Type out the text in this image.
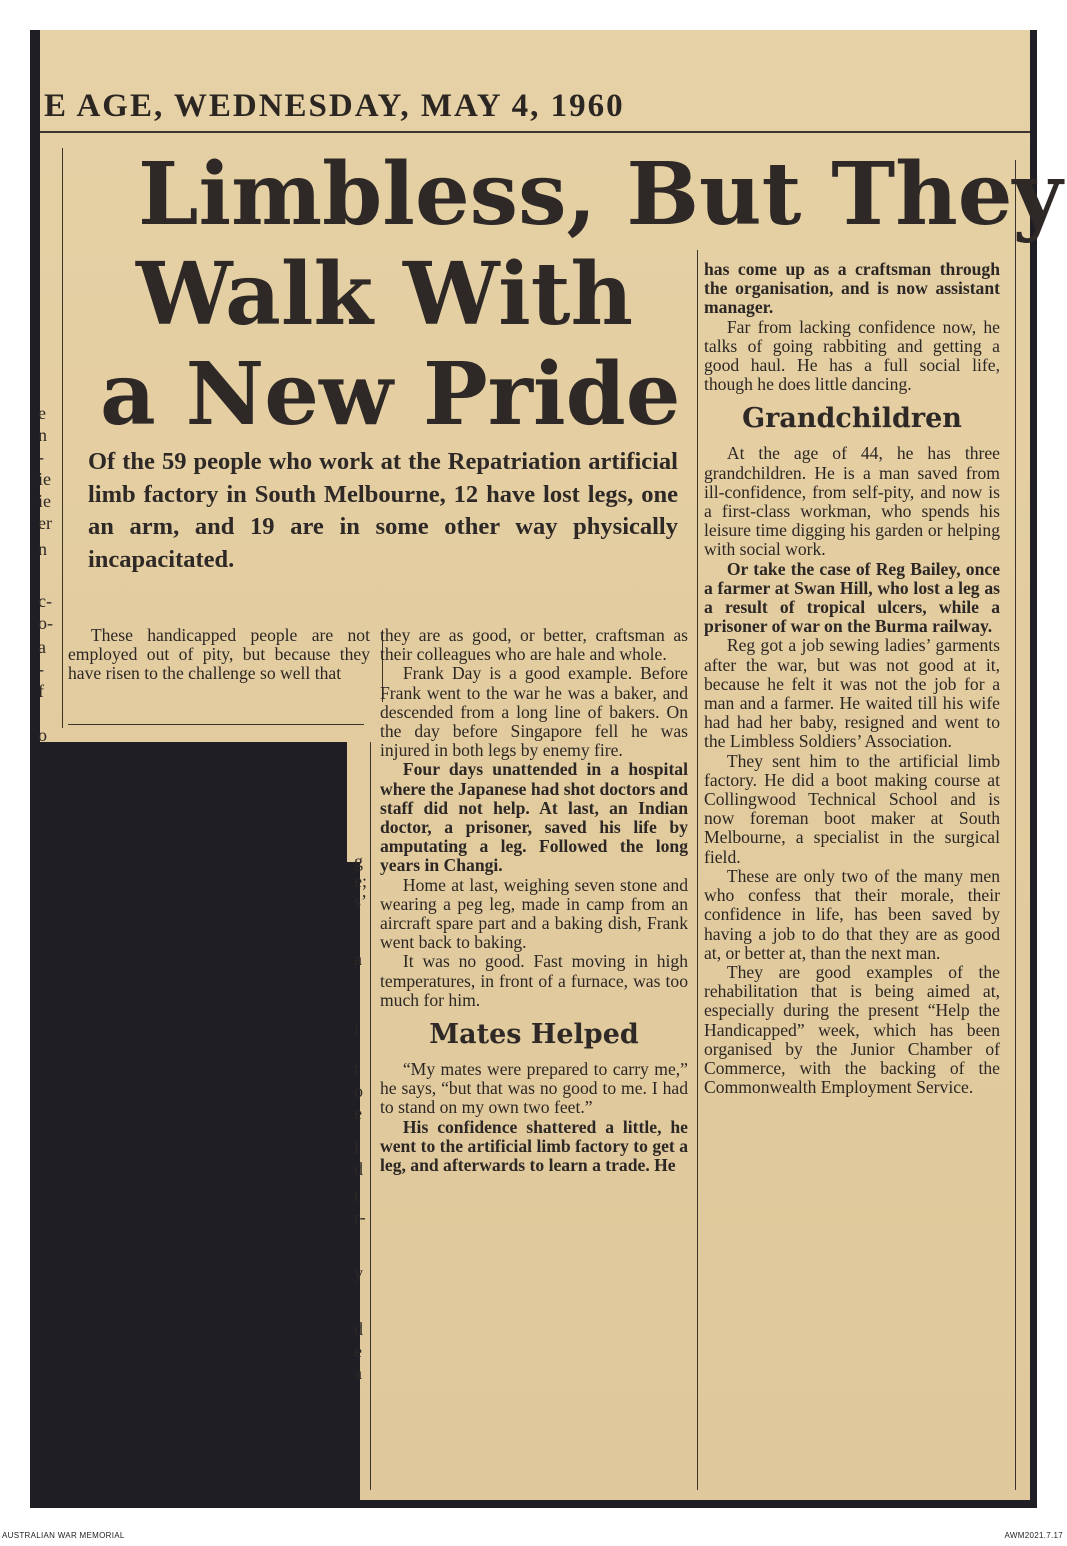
E AGE, WEDNESDAY, MAY 4, 1960
Limbless, But They
Walk With
a New Pride
Of the 59 people who work at the Repatriation artificial limb factory in South Melbourne, 12 have lost legs, one an arm, and 19 are in some other way physically incapacitated.

These handicapped people are not employed out of pity, but because they have risen to the challenge so well that

they are as good, or better, craftsman as their colleagues who are hale and whole.

Frank Day is a good example. Before Frank went to the war he was a baker, and descended from a long line of bakers. On the day before Singapore fell he was injured in both legs by enemy fire.

Four days unattended in a hospital where the Japanese had shot doctors and staff did not help. At last, an Indian doctor, a prisoner, saved his life by amputating a leg. Followed the long years in Changi.

Home at last, weighing seven stone and wearing a peg leg, made in camp from an aircraft spare part and a baking dish, Frank went back to baking.

It was no good. Fast moving in high temperatures, in front of a furnace, was too much for him.

Mates Helped

“My mates were prepared to carry me,” he says, “but that was no good to me. I had to stand on my own two feet.”

His confidence shattered a little, he went to the artificial limb factory to get a leg, and afterwards to learn a trade. He

has come up as a craftsman through the organisation, and is now assistant manager.

Far from lacking confidence now, he talks of going rabbiting and getting a good haul. He has a full social life, though he does little dancing.

Grandchildren

At the age of 44, he has three grandchildren. He is a man saved from ill-confidence, from self-pity, and now is a first-class workman, who spends his leisure time digging his garden or helping with social work.

Or take the case of Reg Bailey, once a farmer at Swan Hill, who lost a leg as a result of tropical ulcers, while a prisoner of war on the Burma railway.

Reg got a job sewing ladies’ garments after the war, but was not good at it, because he felt it was not the job for a man and a farmer. He waited till his wife had had her baby, resigned and went to the Limbless Soldiers’ Association.

They sent him to the artificial limb factory. He did a boot making course at Collingwood Technical School and is now foreman boot maker at South Melbourne, a specialist in the surgical field.

These are only two of the many men who confess that their morale, their confidence in life, has been saved by having a job to do that they are as good at, or better at, than the next man.

They are good examples of the rehabilitation that is being aimed at, especially during the present “Help the Handicapped” week, which has been organised by the Junior Chamber of Commerce, with the backing of the Commonwealth Employment Service.

e
n
-
ie
ie
er
n
c-
o-
a
-
f
o
g
e;
s’
a
i
t
o
e
l
d
t
r-
y
d
e
a
AUSTRALIAN WAR MEMORIAL	AWM2021.7.17
